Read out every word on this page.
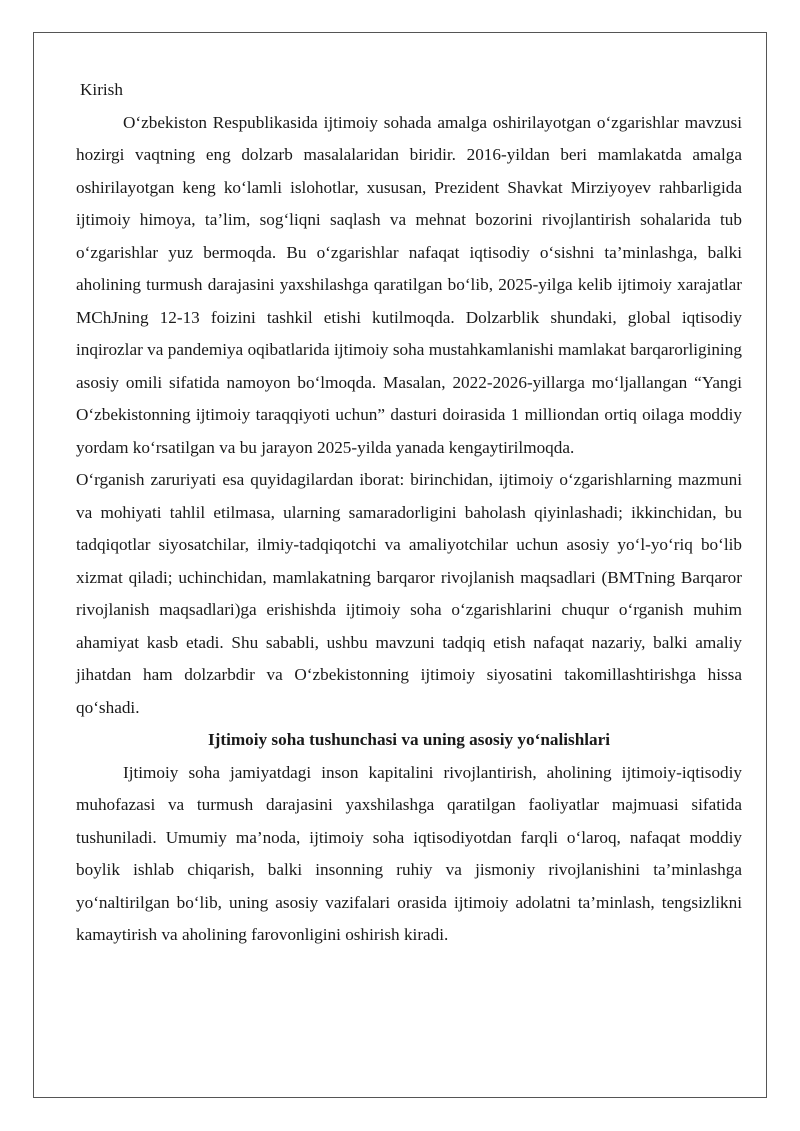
Kirish

O‘zbekiston Respublikasida ijtimoiy sohada amalga oshirilayotgan o‘zgarishlar mavzusi hozirgi vaqtning eng dolzarb masalalaridan biridir. 2016-yildan beri mamlakatda amalga oshirilayotgan keng ko‘lamli islohotlar, xususan, Prezident Shavkat Mirziyoyev rahbarligida ijtimoiy himoya, ta’lim, sog‘liqni saqlash va mehnat bozorini rivojlantirish sohalarida tub o‘zgarishlar yuz bermoqda. Bu o‘zgarishlar nafaqat iqtisodiy o‘sishni ta’minlashga, balki aholining turmush darajasini yaxshilashga qaratilgan bo‘lib, 2025-yilga kelib ijtimoiy xarajatlar MChJning 12-13 foizini tashkil etishi kutilmoqda. Dolzarblik shundaki, global iqtisodiy inqirozlar va pandemiya oqibatlarida ijtimoiy soha mustahkamlanishi mamlakat barqarorligining asosiy omili sifatida namoyon bo‘lmoqda. Masalan, 2022-2026-yillarga mo‘ljallangan “Yangi O‘zbekistonning ijtimoiy taraqqiyoti uchun” dasturi doirasida 1 milliondan ortiq oilaga moddiy yordam ko‘rsatilgan va bu jarayon 2025-yilda yanada kengaytirilmoqda.

O‘rganish zaruriyati esa quyidagilardan iborat: birinchidan, ijtimoiy o‘zgarishlarning mazmuni va mohiyati tahlil etilmasa, ularning samaradorligini baholash qiyinlashadi; ikkinchidan, bu tadqiqotlar siyosatchilar, ilmiy-tadqiqotchi va amaliyotchilar uchun asosiy yo‘l-yo‘riq bo‘lib xizmat qiladi; uchinchidan, mamlakatning barqaror rivojlanish maqsadlari (BMTning Barqaror rivojlanish maqsadlari)ga erishishda ijtimoiy soha o‘zgarishlarini chuqur o‘rganish muhim ahamiyat kasb etadi. Shu sababli, ushbu mavzuni tadqiq etish nafaqat nazariy, balki amaliy jihatdan ham dolzarbdir va O‘zbekistonning ijtimoiy siyosatini takomillashtirishga hissa qo‘shadi.

Ijtimoiy soha tushunchasi va uning asosiy yo‘nalishlari

Ijtimoiy soha jamiyatdagi inson kapitalini rivojlantirish, aholining ijtimoiy-iqtisodiy muhofazasi va turmush darajasini yaxshilashga qaratilgan faoliyatlar majmuasi sifatida tushuniladi. Umumiy ma’noda, ijtimoiy soha iqtisodiyotdan farqli o‘laroq, nafaqat moddiy boylik ishlab chiqarish, balki insonning ruhiy va jismoniy rivojlanishini ta’minlashga yo‘naltirilgan bo‘lib, uning asosiy vazifalari orasida ijtimoiy adolatni ta’minlash, tengsizlikni kamaytirish va aholining farovonligini oshirish kiradi.
